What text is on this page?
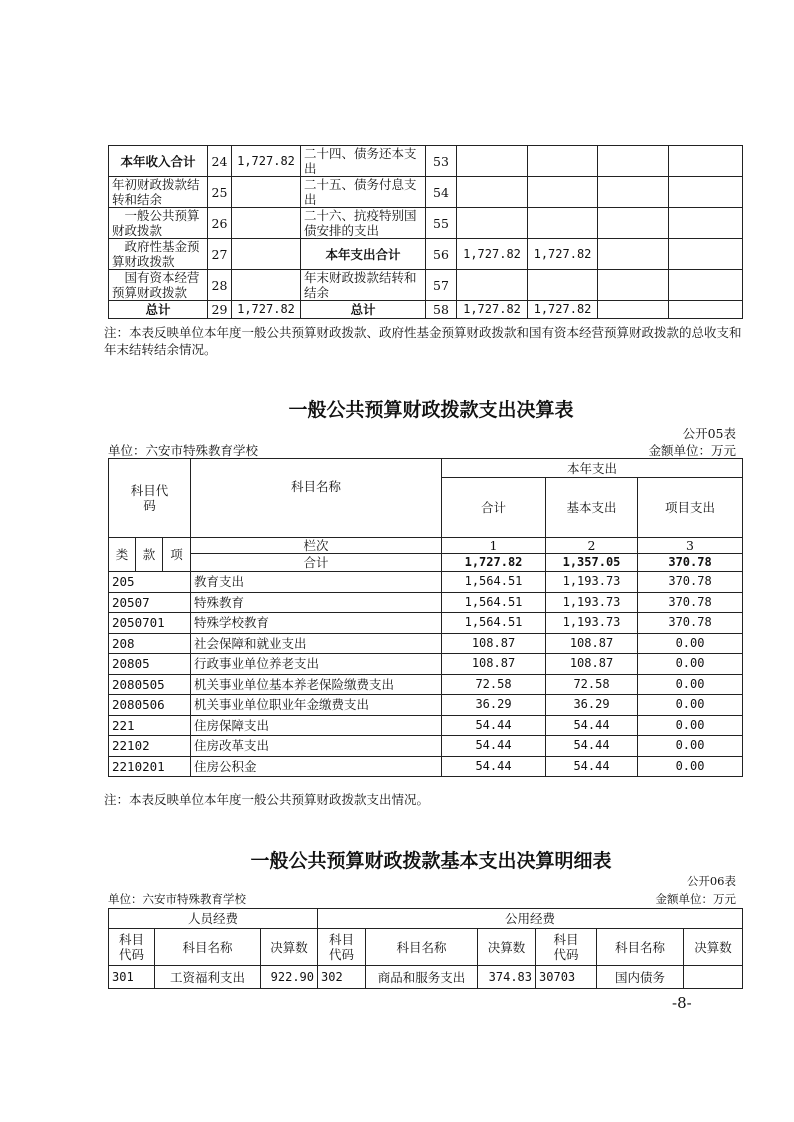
本年收入合计	24	1,727.82	二十四、债务还本支出	53				
年初财政拨款结转和结余	25		二十五、债务付息支出	54				
一般公共预算财政拨款	26		二十六、抗疫特别国债安排的支出	55				
政府性基金预算财政拨款	27		本年支出合计	56	1,727.82	1,727.82		
国有资本经营预算财政拨款	28		年末财政拨款结转和结余	57				
总计	29	1,727.82	总计	58	1,727.82	1,727.82		
注：本表反映单位本年度一般公共预算财政拨款、政府性基金预算财政拨款和国有资本经营预算财政拨款的总收支和年末结转结余情况。
一般公共预算财政拨款支出决算表
公开05表
单位：六安市特殊教育学校	金额单位：万元
科目代码			科目名称	本年支出		
				合计	基本支出	项目支出
类	款	项	栏次	1	2	3
			合计	1,727.82	1,357.05	370.78
205			教育支出	1,564.51	1,193.73	370.78
20507			特殊教育	1,564.51	1,193.73	370.78
2050701			特殊学校教育	1,564.51	1,193.73	370.78
208			社会保障和就业支出	108.87	108.87	0.00
20805			行政事业单位养老支出	108.87	108.87	0.00
2080505			机关事业单位基本养老保险缴费支出	72.58	72.58	0.00
2080506			机关事业单位职业年金缴费支出	36.29	36.29	0.00
221			住房保障支出	54.44	54.44	0.00
22102			住房改革支出	54.44	54.44	0.00
2210201			住房公积金	54.44	54.44	0.00
注：本表反映单位本年度一般公共预算财政拨款支出情况。
一般公共预算财政拨款基本支出决算明细表
公开06表
单位：六安市特殊教育学校	金额单位：万元
人员经费			公用经费					

科目代码	科目名称	决算数	科目代码	科目名称	决算数	科目代码	科目名称	决算数
301	工资福利支出	922.90	302	商品和服务支出	374.83	30703	国内债务	
-8-
